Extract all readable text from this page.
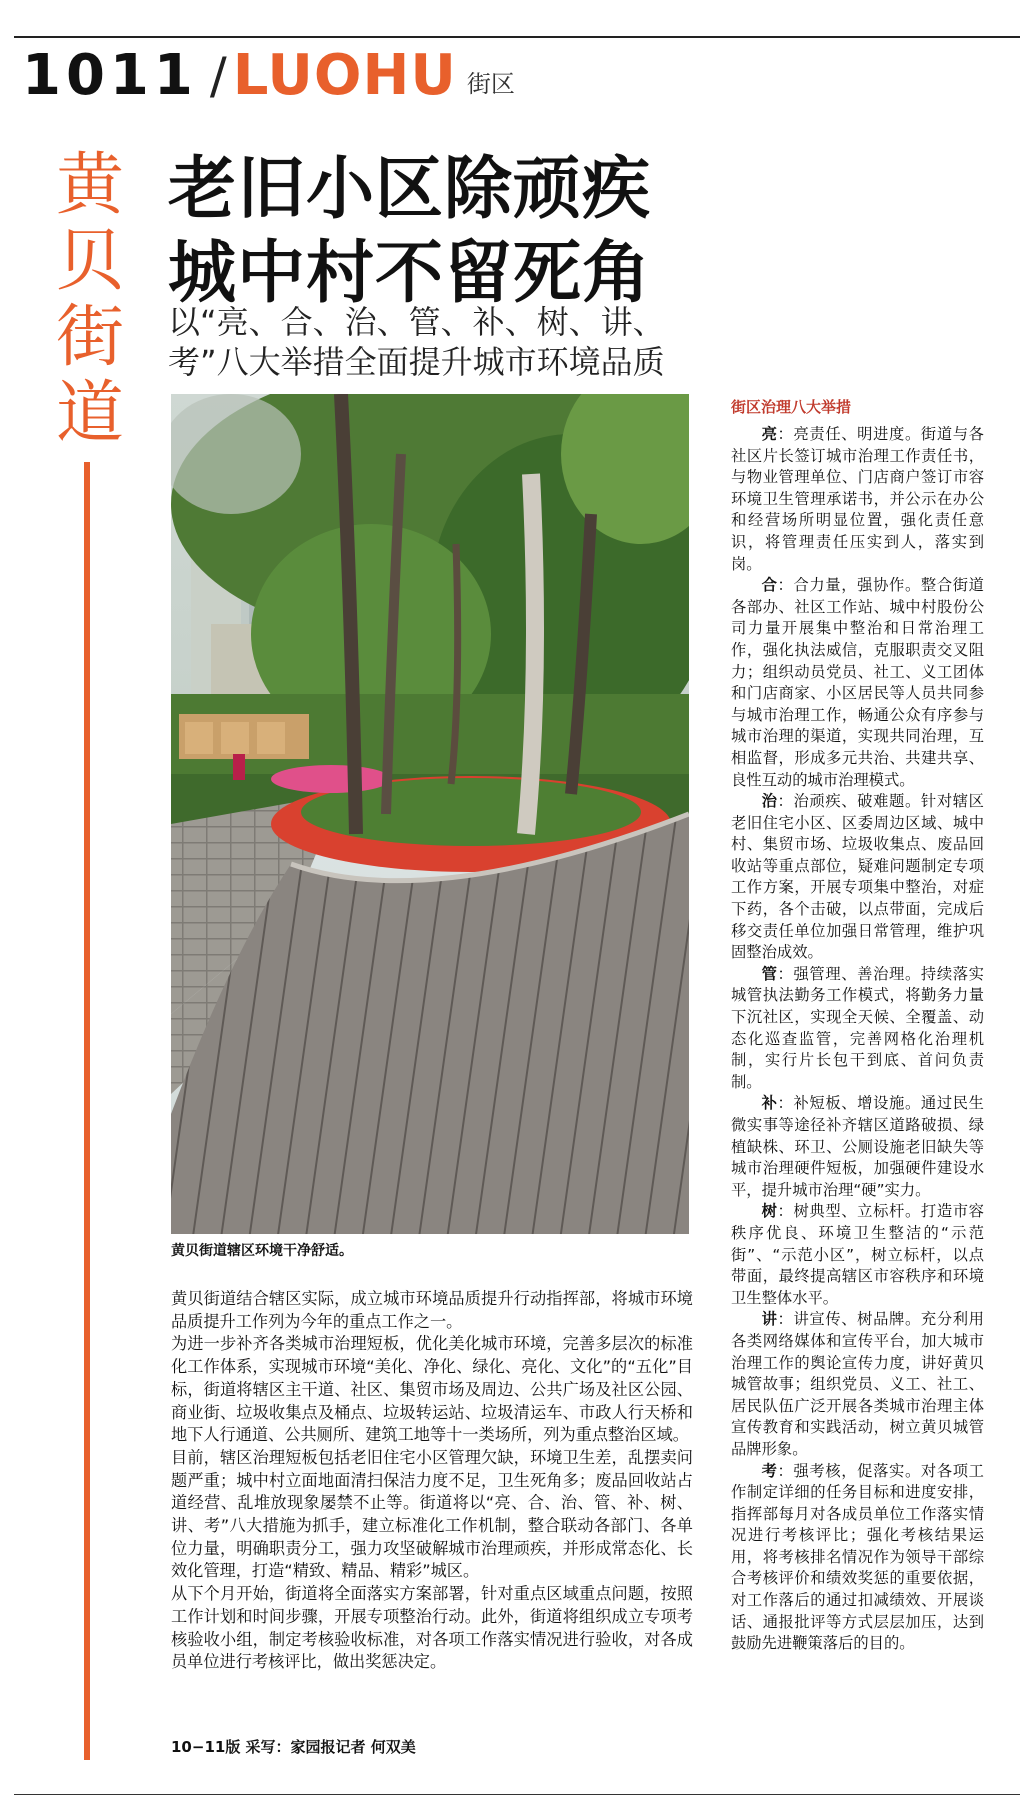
1011 / LUOHU 街区
黄
贝
街
道
老旧小区除顽疾
城中村不留死角
以“亮、合、治、管、补、树、讲、考”八大举措全面提升城市环境品质
黄贝街道辖区环境干净舒适。

黄贝街道结合辖区实际，成立城市环境品质提升行动指挥部，将城市环境品质提升工作列为今年的重点工作之一。

为进一步补齐各类城市治理短板，优化美化城市环境，完善多层次的标准化工作体系，实现城市环境“美化、净化、绿化、亮化、文化”的“五化”目标，街道将辖区主干道、社区、集贸市场及周边、公共广场及社区公园、商业街、垃圾收集点及桶点、垃圾转运站、垃圾清运车、市政人行天桥和地下人行通道、公共厕所、建筑工地等十一类场所，列为重点整治区域。

目前，辖区治理短板包括老旧住宅小区管理欠缺，环境卫生差，乱摆卖问题严重；城中村立面地面清扫保洁力度不足，卫生死角多；废品回收站占道经营、乱堆放现象屡禁不止等。街道将以“亮、合、治、管、补、树、讲、考”八大措施为抓手，建立标准化工作机制，整合联动各部门、各单位力量，明确职责分工，强力攻坚破解城市治理顽疾，并形成常态化、长效化管理，打造“精致、精品、精彩”城区。

从下个月开始，街道将全面落实方案部署，针对重点区域重点问题，按照工作计划和时间步骤，开展专项整治行动。此外，街道将组织成立专项考核验收小组，制定考核验收标准，对各项工作落实情况进行验收，对各成员单位进行考核评比，做出奖惩决定。

10−11版 采写：家园报记者 何双美
街区治理八大举措

亮：亮责任、明进度。街道与各社区片长签订城市治理工作责任书，与物业管理单位、门店商户签订市容环境卫生管理承诺书，并公示在办公和经营场所明显位置，强化责任意识，将管理责任压实到人，落实到岗。

合：合力量，强协作。整合街道各部办、社区工作站、城中村股份公司力量开展集中整治和日常治理工作，强化执法威信，克服职责交叉阻力；组织动员党员、社工、义工团体和门店商家、小区居民等人员共同参与城市治理工作，畅通公众有序参与城市治理的渠道，实现共同治理，互相监督，形成多元共治、共建共享、良性互动的城市治理模式。

治：治顽疾、破难题。针对辖区老旧住宅小区、区委周边区域、城中村、集贸市场、垃圾收集点、废品回收站等重点部位，疑难问题制定专项工作方案，开展专项集中整治，对症下药，各个击破，以点带面，完成后移交责任单位加强日常管理，维护巩固整治成效。

管：强管理、善治理。持续落实城管执法勤务工作模式，将勤务力量下沉社区，实现全天候、全覆盖、动态化巡查监管，完善网格化治理机制，实行片长包干到底、首问负责制。

补：补短板、增设施。通过民生微实事等途径补齐辖区道路破损、绿植缺株、环卫、公厕设施老旧缺失等城市治理硬件短板，加强硬件建设水平，提升城市治理“硬”实力。

树：树典型、立标杆。打造市容秩序优良、环境卫生整洁的“示范街”、“示范小区”，树立标杆，以点带面，最终提高辖区市容秩序和环境卫生整体水平。

讲：讲宣传、树品牌。充分利用各类网络媒体和宣传平台，加大城市治理工作的舆论宣传力度，讲好黄贝城管故事；组织党员、义工、社工、居民队伍广泛开展各类城市治理主体宣传教育和实践活动，树立黄贝城管品牌形象。

考：强考核，促落实。对各项工作制定详细的任务目标和进度安排，指挥部每月对各成员单位工作落实情况进行考核评比；强化考核结果运用，将考核排名情况作为领导干部综合考核评价和绩效奖惩的重要依据，对工作落后的通过扣减绩效、开展谈话、通报批评等方式层层加压，达到鼓励先进鞭策落后的目的。
